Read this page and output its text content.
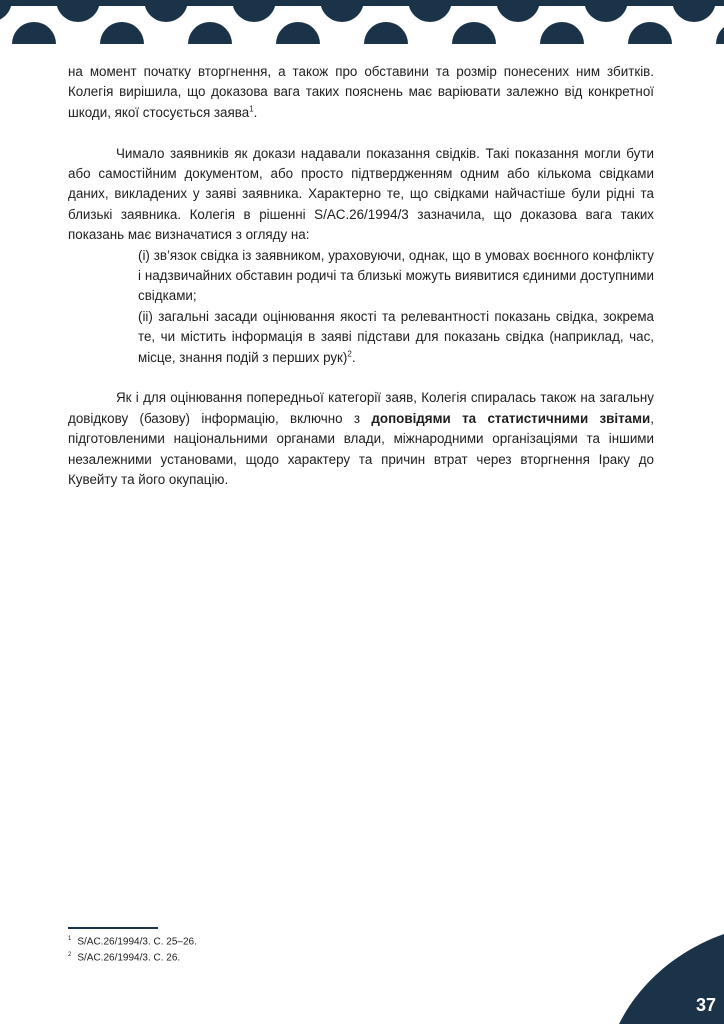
на момент початку вторгнення, а також про обставини та розмір понесених ним збитків. Колегія вирішила, що доказова вага таких пояснень має варіювати залежно від конкретної шкоди, якої стосується заява$^1$.

Чимало заявників як докази надавали показання свідків. Такі показання могли бути або самостійним документом, або просто підтвердженням одним або кількома свідками даних, викладених у заяві заявника. Характерно те, що свідками найчастіше були рідні та близькі заявника. Колегія в рішенні S/AC.26/1994/3 зазначила, що доказова вага таких показань має визначатися з огляду на:

(i) зв’язок свідка із заявником, ураховуючи, однак, що в умовах воєнного конфлікту і надзвичайних обставин родичі та близькі можуть виявитися єдиними доступними свідками;
(ii) загальні засади оцінювання якості та релевантності показань свідка, зокрема те, чи містить інформація в заяві підстави для показань свідка (наприклад, час, місце, знання подій з перших рук)$^2$.

Як і для оцінювання попередньої категорії заяв, Колегія спиралась також на загальну довідкову (базову) інформацію, включно з доповідями та статистичними звітами, підготовленими національними органами влади, міжнародними організаціями та іншими незалежними установами, щодо характеру та причин втрат через вторгнення Іраку до Кувейту та його окупацію.

$^1$ S/AC.26/1994/3. С. 25–26.
$^2$ S/AC.26/1994/3. С. 26.
37
